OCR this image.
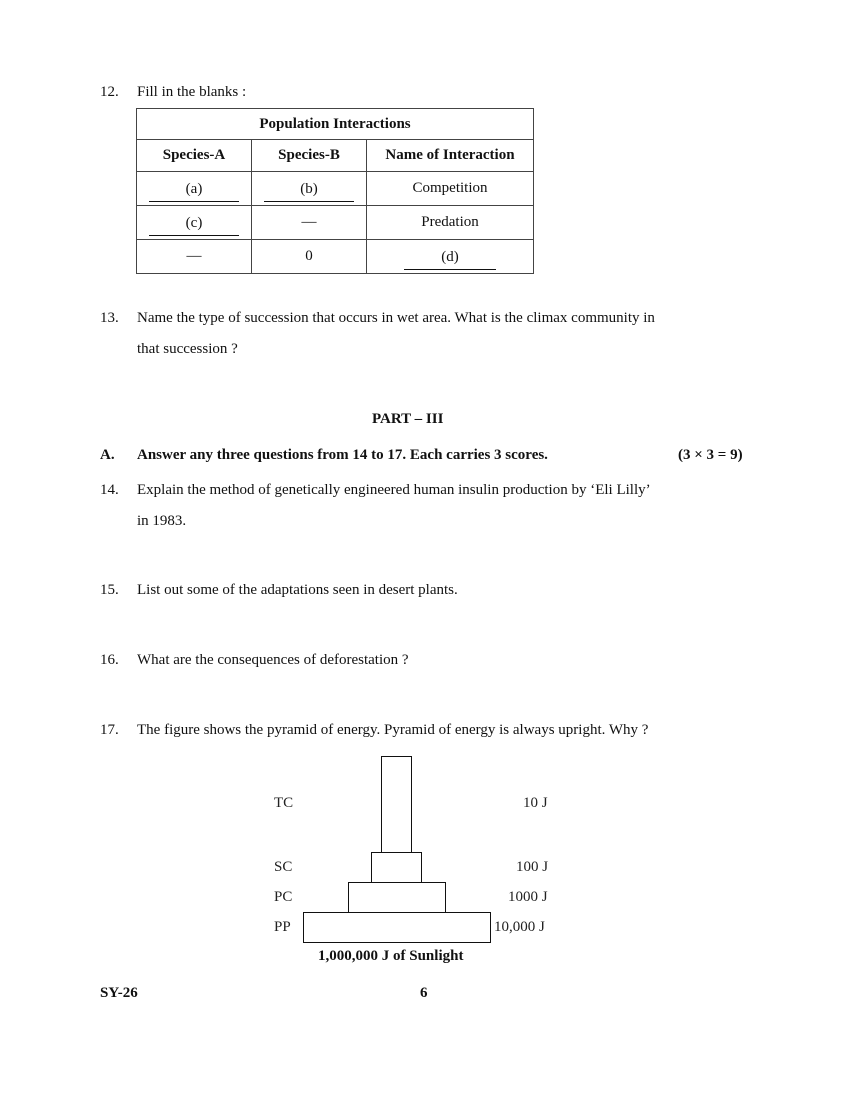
12. Fill in the blanks :
Population Interactions		
Species-A	Species-B	Name of Interaction
(a)	(b)	Competition
(c)	—	Predation
—	0	(d)
13. Name the type of succession that occurs in wet area. What is the climax community in
that succession ?
PART – III
A. Answer any three questions from 14 to 17. Each carries 3 scores.	(3 × 3 = 9)
14. Explain the method of genetically engineered human insulin production by ‘Eli Lilly’
in 1983.
15. List out some of the adaptations seen in desert plants.
16. What are the consequences of deforestation ?
17. The figure shows the pyramid of energy. Pyramid of energy is always upright. Why ?
TC
SC
PC
PP
10 J
100 J
1000 J
10,000 J
1,000,000 J of Sunlight
SY-26	6
